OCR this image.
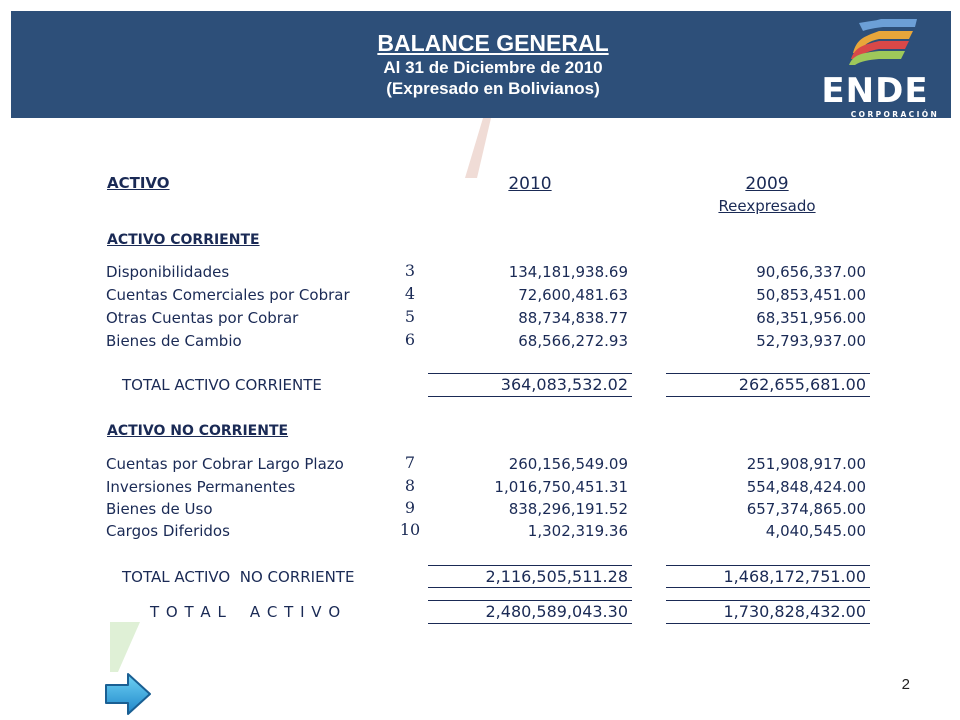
BALANCE GENERAL
Al 31 de Diciembre de 2010
(Expresado en Bolivianos)	ENDE
CORPORACIÓN
ACTIVO	2010	2009
Reexpresado
ACTIVO CORRIENTE
Disponibilidades	3	134,181,938.69	90,656,337.00
Cuentas Comerciales por Cobrar	4	72,600,481.63	50,853,451.00
Otras Cuentas por Cobrar	5	88,734,838.77	68,351,956.00
Bienes de Cambio	6	68,566,272.93	52,793,937.00
TOTAL ACTIVO CORRIENTE	364,083,532.02	262,655,681.00
ACTIVO NO CORRIENTE
Cuentas por Cobrar Largo Plazo	7	260,156,549.09	251,908,917.00
Inversiones Permanentes	8	1,016,750,451.31	554,848,424.00
Bienes de Uso	9	838,296,191.52	657,374,865.00
Cargos Diferidos	10	1,302,319.36	4,040,545.00
TOTAL ACTIVO  NO CORRIENTE	2,116,505,511.28	1,468,172,751.00
T O T A L    A C T I V O	2,480,589,043.30	1,730,828,432.00
2
